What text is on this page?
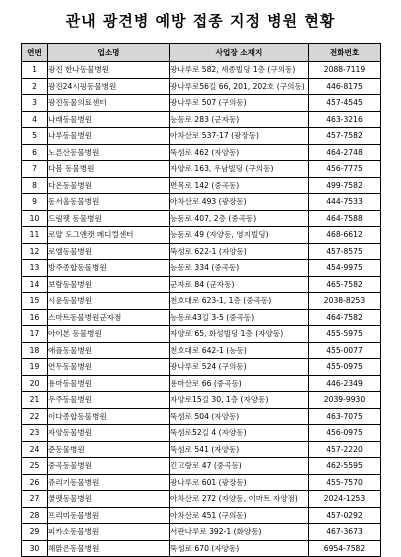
관내 광견병 예방 접종 지정 병원 현황
연번	업소명	사업장 소재지	전화번호
1	광진 한나동물병원	광나루로 582, 세종빌딩 1층 (구의동)	2088-7119
2	광진24시핑동물병원	광나루로56길 66, 201, 202호 (구의동)	446-8175
3	광진동물의료센터	광나루로 507 (구의동)	457-4545
4	나래동물병원	능동로 283 (군자동)	463-3216
5	나루동물병원	아차산로 537-17 (광장동)	457-7582
6	노른산동물병원	뚝섬로 462 (자양동)	464-2748
7	다봄 동물병원	자양로 163, 우남빌딩 (구의동)	456-7775
8	다온동물병원	면목로 142 (중곡동)	499-7582
9	동서울동물병원	아차산로 493 (광장동)	444-7533
10	드림펫 동물병원	능동로 407, 2층 (중곡동)	464-7588
11	로얄 도그앤캣 메디컬센터	능동로 49 (자양동, 영지빌딩)	468-6612
12	로엘동물병원	뚝섬로 622-1 (자양동)	457-8575
13	방주종합동물병원	능동로 334 (중곡동)	454-9975
14	보람동물병원	군자로 84 (군자동)	465-7582
15	시윤동물병원	천호대로 623-1, 1층 (중곡동)	2038-8253
16	스마트동물병원군자점	능동로43길 3-5 (중곡동)	464-7582
17	아이본 동물병원	자양로 65, 화성빌딩 1층 (자양동)	455-5975
18	애플동물병원	천호대로 642-1 (능동)	455-0077
19	연두동물병원	광나루로 524 (구의동)	455-0975
20	용마동물병원	용마산로 66 (중곡동)	446-2349
21	우주동물병원	자양로15길 30, 1층 (자양동)	2039-9930
22	이다종합동물병원	뚝섬로 504 (자양동)	463-7075
23	자양동물병원	뚝섬로52길 4 (자양동)	456-0975
24	준동물병원	뚝섬로 541 (자양동)	457-2220
25	중곡동물병원	긴고랑로 47 (중곡동)	462-5595
26	쥬리기동물병원	광나루로 601 (광장동)	455-7570
27	쿨펫동물병원	아차산로 272 (자양동, 이마트 자양점)	2024-1253
28	프리미동물병원	아차산로 451 (구의동)	457-0292
29	피카소동물병원	서판나루로 392-1 (화양동)	467-3673
30	해맑은동물병원	뚝섬로 670 (자양동)	6954-7582
